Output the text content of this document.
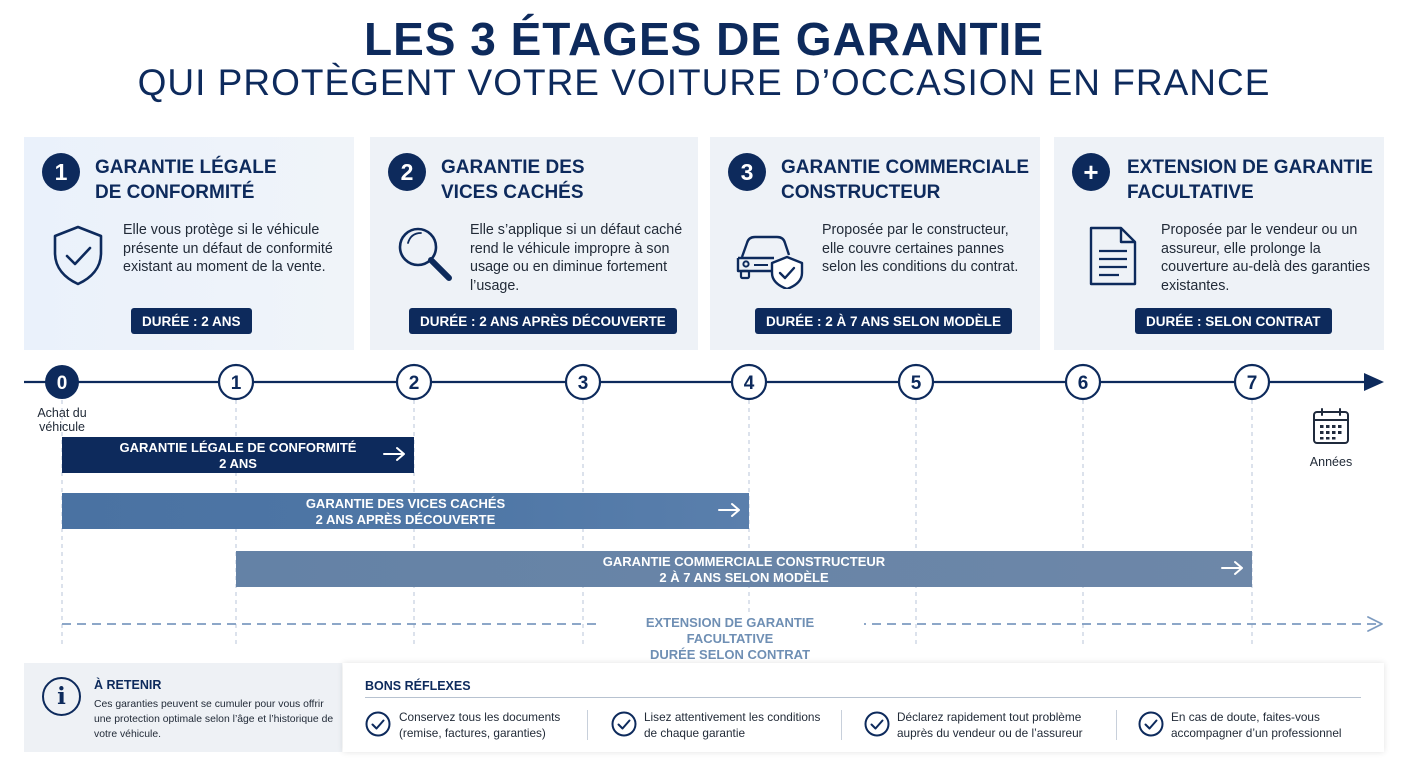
LES 3 ÉTAGES DE GARANTIE
QUI PROTÈGENT VOTRE VOITURE D’OCCASION EN FRANCE
1	GARANTIE LÉGALE
DE CONFORMITÉ
Elle vous protège si le véhicule présente un défaut de conformité existant au moment de la vente.
DURÉE : 2 ANS
2	GARANTIE DES
VICES CACHÉS
Elle s’applique si un défaut caché rend le véhicule impropre à son usage ou en diminue fortement l’usage.
DURÉE : 2 ANS APRÈS DÉCOUVERTE
3	GARANTIE COMMERCIALE
CONSTRUCTEUR
Proposée par le constructeur, elle couvre certaines pannes selon les conditions du contrat.
DURÉE : 2 À 7 ANS SELON MODÈLE
+	EXTENSION DE GARANTIE
FACULTATIVE
Proposée par le vendeur ou un assureur, elle prolonge la couverture au-delà des garanties existantes.
DURÉE : SELON CONTRAT
0	1	2	3	4	5	6	7
Achat du
véhicule
Années
GARANTIE LÉGALE DE CONFORMITÉ
2 ANS
GARANTIE DES VICES CACHÉS
2 ANS APRÈS DÉCOUVERTE
GARANTIE COMMERCIALE CONSTRUCTEUR
2 À 7 ANS SELON MODÈLE
EXTENSION DE GARANTIE FACULTATIVE
DURÉE SELON CONTRAT
i	À RETENIR
Ces garanties peuvent se cumuler pour vous offrir une protection optimale selon l’âge et l’historique de votre véhicule.
BONS RÉFLEXES
Conservez tous les documents
(remise, factures, garanties)
Lisez attentivement les conditions
de chaque garantie
Déclarez rapidement tout problème
auprès du vendeur ou de l’assureur
En cas de doute, faites-vous
accompagner d’un professionnel
